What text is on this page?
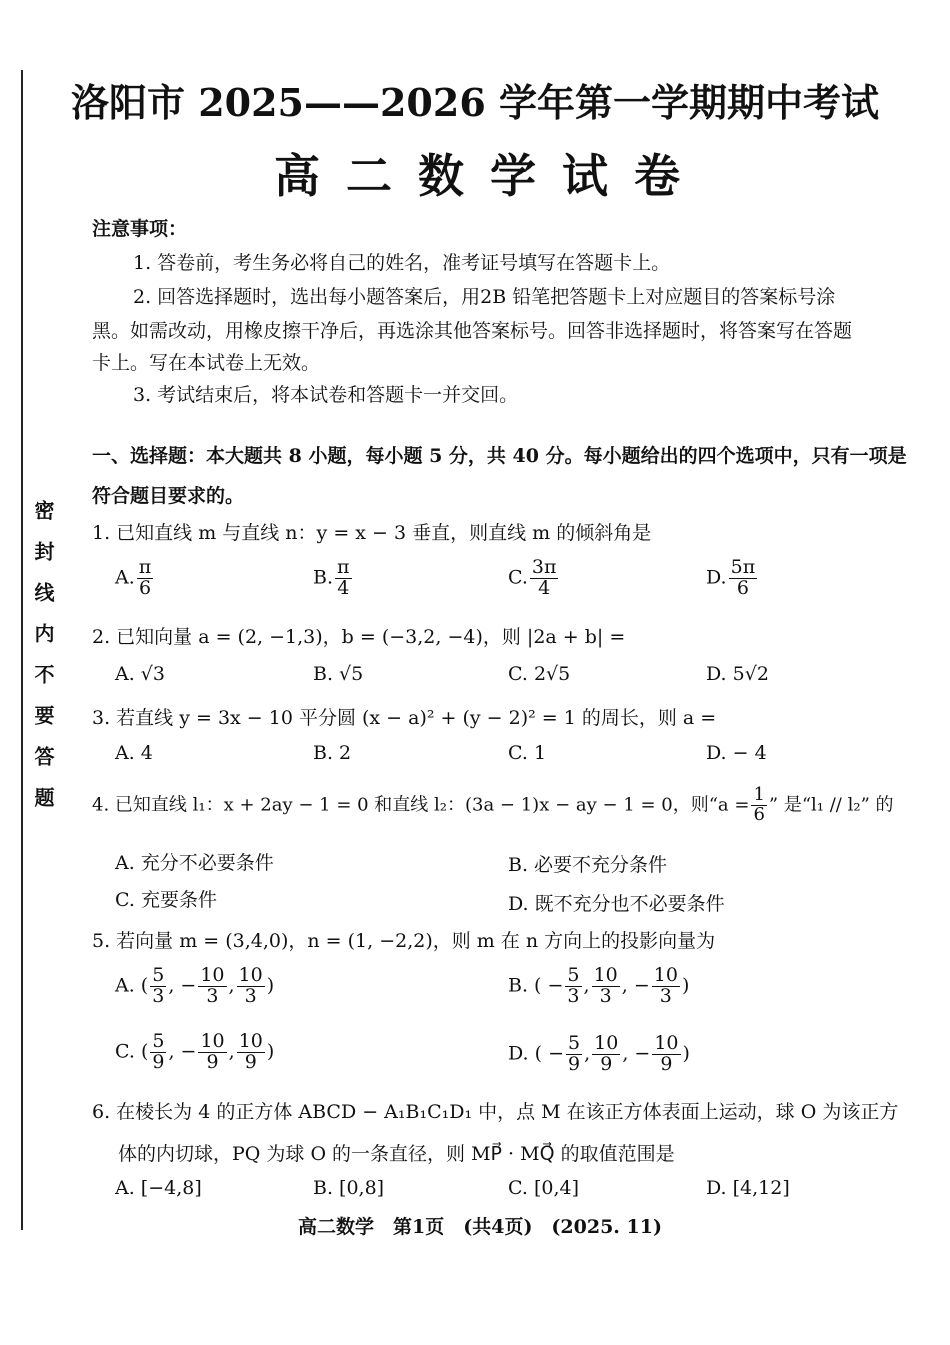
密封线内不要答题
洛阳市 2025——2026 学年第一学期期中考试
高二数学试卷
注意事项：
1. 答卷前，考生务必将自己的姓名，准考证号填写在答题卡上。
2. 回答选择题时，选出每小题答案后，用2B 铅笔把答题卡上对应题目的答案标号涂
黑。如需改动，用橡皮擦干净后，再选涂其他答案标号。回答非选择题时，将答案写在答题
卡上。写在本试卷上无效。
3. 考试结束后，将本试卷和答题卡一并交回。
一、选择题：本大题共 8 小题，每小题 5 分，共 40 分。每小题给出的四个选项中，只有一项是
符合题目要求的。
1. 已知直线 m 与直线 n：y = x − 3 垂直，则直线 m 的倾斜角是
A. $\frac{\pi}{6}$	B. $\frac{\pi}{4}$	C. $\frac{3\pi}{4}$	D. $\frac{5\pi}{6}$
2. 已知向量 a = (2, −1,3)，b = (−3,2, −4)，则 |2a + b| =
A. √3	B. √5	C. 2√5	D. 5√2
3. 若直线 y = 3x − 10 平分圆 (x − a)² + (y − 2)² = 1 的周长，则 a =
A. 4	B. 2	C. 1	D. − 4
4. 已知直线 l₁：x + 2ay − 1 = 0 和直线 l₂：(3a − 1)x − ay − 1 = 0，则“$a = \frac{1}{6}$ ” 是“l₁ // l₂” 的
A. 充分不必要条件	B. 必要不充分条件
C. 充要条件	D. 既不充分也不必要条件
5. 若向量 m = (3,4,0)，n = (1, −2,2)，则 m 在 n 方向上的投影向量为
A. ( $\frac{5}{3}$ , − $\frac{10}{3}$ , $\frac{10}{3}$ )	B. ( − $\frac{5}{3}$ , $\frac{10}{3}$ , − $\frac{10}{3}$ )
C. ( $\frac{5}{9}$ , − $\frac{10}{9}$ , $\frac{10}{9}$ )	D. ( − $\frac{5}{9}$ , $\frac{10}{9}$ , − $\frac{10}{9}$ )
6. 在棱长为 4 的正方体 ABCD − A₁B₁C₁D₁ 中，点 M 在该正方体表面上运动，球 O 为该正方
体的内切球，PQ 为球 O 的一条直径，则 MP⃗ · MQ⃗ 的取值范围是
A. [−4,8]	B. [0,8]	C. [0,4]	D. [4,12]
高二数学　第1页　(共4页)　(2025. 11)
